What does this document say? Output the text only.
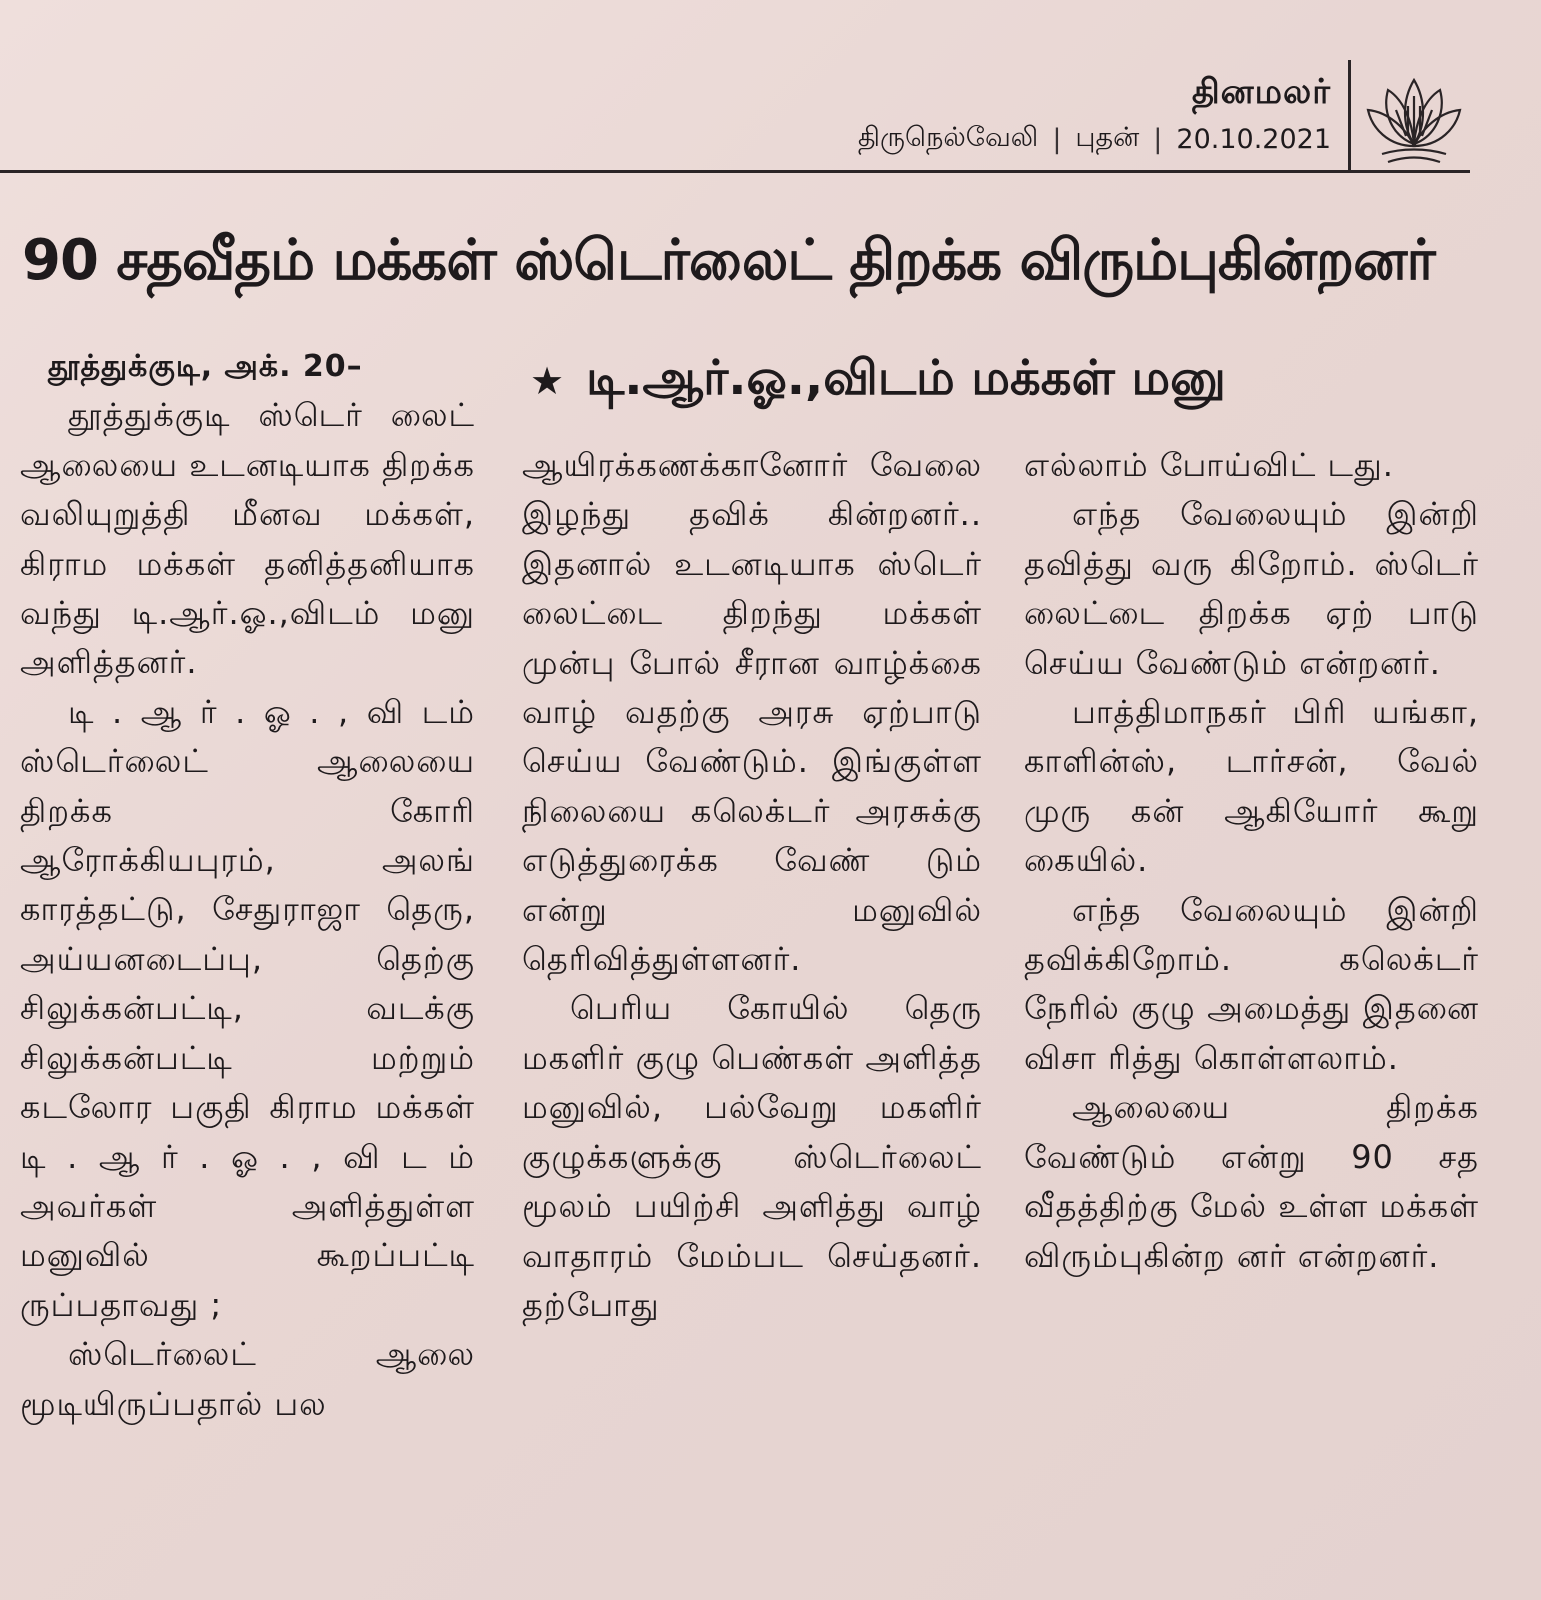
தினமலர்
திருநெல்வேலி | புதன் | 20.10.2021
90 சதவீதம் மக்கள் ஸ்டெர்லைட் திறக்க விரும்புகின்றனர்
★ டி.ஆர்.ஓ.,விடம் மக்கள் மனு

தூத்துக்குடி, அக். 20–

தூத்துக்குடி ஸ்டெர் லைட் ஆலையை உடனடியாக திறக்க வலியுறுத்தி மீனவ மக்கள், கிராம மக்கள் தனித்தனியாக வந்து டி.ஆர்.ஓ.,விடம் மனு அளித்தனர்.

டி . ஆ ர் . ஓ . , வி டம் ஸ்டெர்லைட் ஆலையை திறக்க கோரி ஆரோக்கியபுரம், அலங் காரத்தட்டு, சேதுராஜா தெரு, அய்யனடைப்பு, தெற்கு சிலுக்கன்பட்டி, வடக்கு சிலுக்கன்பட்டி மற்றும் கடலோர பகுதி கிராம மக்கள் டி . ஆ ர் . ஓ . , வி ட ம் அவர்கள் அளித்துள்ள மனுவில் கூறப்பட்டி ருப்பதாவது ;

ஸ்டெர்லைட் ஆலை மூடியிருப்பதால் பல

ஆயிரக்கணக்கானோர் வேலை இழந்து தவிக் கின்றனர்.. இதனால் உடனடியாக ஸ்டெர் லைட்டை திறந்து மக்கள் முன்பு போல் சீரான வாழ்க்கை வாழ் வதற்கு அரசு ஏற்பாடு செய்ய வேண்டும். இங்குள்ள நிலையை கலெக்டர் அரசுக்கு எடுத்துரைக்க வேண் டும் என்று மனுவில் தெரிவித்துள்ளனர்.

பெரிய கோயில் தெரு மகளிர் குழு பெண்கள் அளித்த மனுவில், பல்வேறு மகளிர் குழுக்களுக்கு ஸ்டெர்லைட் மூலம் பயிற்சி அளித்து வாழ் வாதாரம் மேம்பட செய்தனர். தற்போது

எல்லாம் போய்விட் டது.

எந்த வேலையும் இன்றி தவித்து வரு கிறோம். ஸ்டெர் லைட்டை திறக்க ஏற் பாடு செய்ய வேண்டும் என்றனர்.

பாத்திமாநகர் பிரி யங்கா, காளின்ஸ், டார்சன், வேல் முரு கன் ஆகியோர் கூறு கையில்.

எந்த வேலையும் இன்றி தவிக்கிறோம். கலெக்டர் நேரில் குழு அமைத்து இதனை விசா ரித்து கொள்ளலாம்.

ஆலையை திறக்க வேண்டும் என்று 90 சத வீதத்திற்கு மேல் உள்ள மக்கள் விரும்புகின்ற னர் என்றனர்.
